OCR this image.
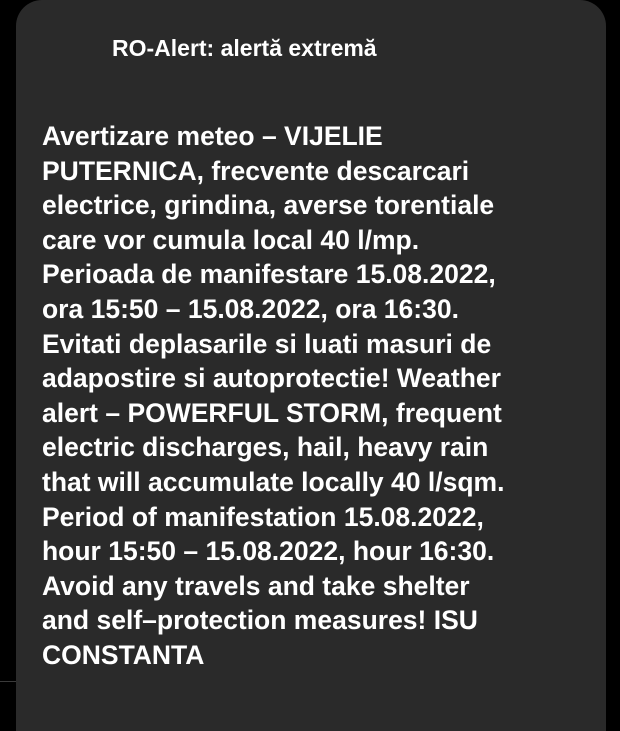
RO-Alert: alertă extremă
Avertizare meteo – VIJELIE
PUTERNICA, frecvente descarcari
electrice, grindina, averse torentiale
care vor cumula local 40 l/mp.
Perioada de manifestare 15.08.2022,
ora 15:50 – 15.08.2022, ora 16:30.
Evitati deplasarile si luati masuri de
adapostire si autoprotectie! Weather
alert – POWERFUL STORM, frequent
electric discharges, hail, heavy rain
that will accumulate locally 40 l/sqm.
Period of manifestation 15.08.2022,
hour 15:50 – 15.08.2022, hour 16:30.
Avoid any travels and take shelter
and self–protection measures! ISU
CONSTANTA
